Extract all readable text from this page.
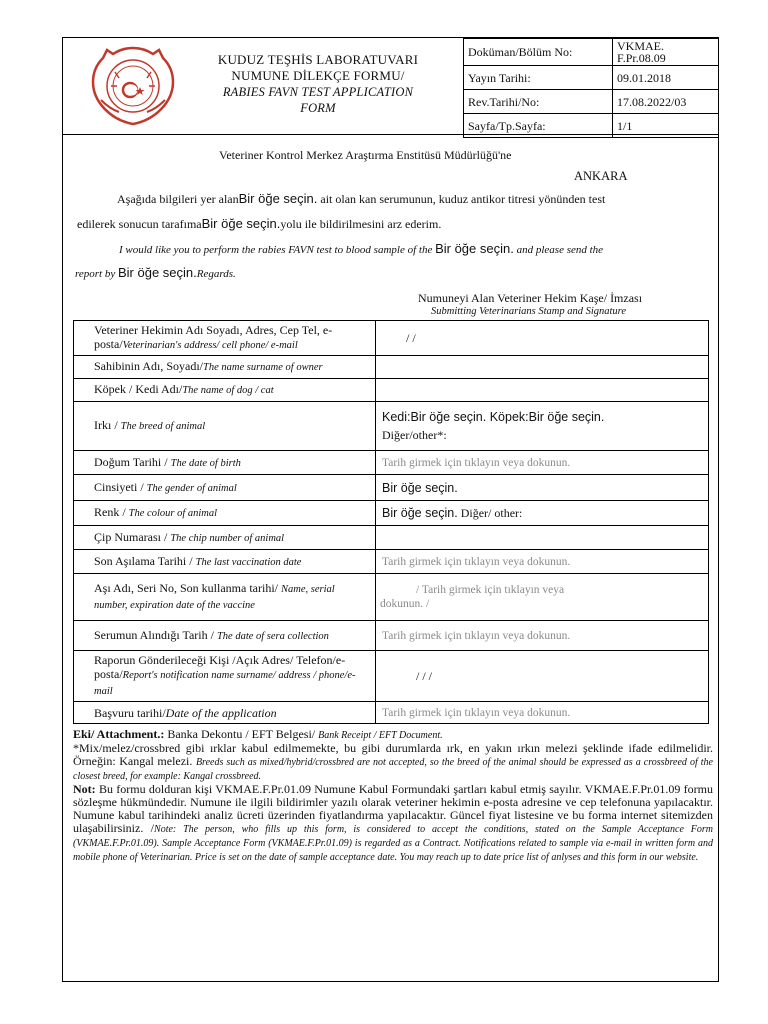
KUDUZ TEŞHİS LABORATUVARI
NUMUNE DİLEKÇE FORMU/
RABIES FAVN TEST APPLICATION
FORM
Doküman/Bölüm No:	VKMAE. F.Pr.08.09
Yayın Tarihi:	09.01.2018
Rev.Tarihi/No:	17.08.2022/03
Sayfa/Tp.Sayfa:	1/1
Veteriner Kontrol Merkez Araştırma Enstitüsü Müdürlüğü'ne
ANKARA
Aşağıda bilgileri yer alanBir öğe seçin. ait olan kan serumunun, kuduz antikor titresi yönünden test
edilerek sonucun tarafımaBir öğe seçin.yolu ile bildirilmesini arz ederim.
I would like you to perform the rabies FAVN test to blood sample of the Bir öğe seçin. and please send the
report by Bir öğe seçin.Regards.
Numuneyi Alan Veteriner Hekim Kaşe/ İmzası
Submitting Veterinarians Stamp and Signature
Veteriner Hekimin Adı Soyadı, Adres, Cep Tel, e-posta/Veterinarian's address/ cell phone/ e-mail	/ /
Sahibinin Adı, Soyadı/The name surname of owner	
Köpek / Kedi Adı/The name of dog / cat	
Irkı / The breed of animal	Kedi:Bir öğe seçin. Köpek:Bir öğe seçin.
Diğer/other*:

Doğum Tarihi / The date of birth	Tarih girmek için tıklayın veya dokunun.
Cinsiyeti / The gender of animal	Bir öğe seçin.
Renk / The colour of animal	Bir öğe seçin. Diğer/ other:
Çip Numarası / The chip number of animal	
Son Aşılama Tarihi / The last vaccination date	Tarih girmek için tıklayın veya dokunun.
Aşı Adı, Seri No, Son kullanma tarihi/ Name, serial number, expiration date of the vaccine	/ Tarih girmek için tıklayın veya
dokunun. /

Serumun Alındığı Tarih / The date of sera collection	Tarih girmek için tıklayın veya dokunun.
Raporun Gönderileceği Kişi /Açık Adres/ Telefon/e-posta/Report's notification name surname/ address / phone/e-mail	/ / /
Başvuru tarihi/Date of the application	Tarih girmek için tıklayın veya dokunun.
Eki/ Attachment.: Banka Dekontu / EFT Belgesi/ Bank Receipt / EFT Document.
*Mix/melez/crossbred gibi ırklar kabul edilmemekte, bu gibi durumlarda ırk, en yakın ırkın melezi şeklinde ifade edilmelidir. Örneğin: Kangal melezi. Breeds such as mixed/hybrid/crossbred are not accepted, so the breed of the animal should be expressed as a crossbreed of the closest breed, for example: Kangal crossbreed.
Not: Bu formu dolduran kişi VKMAE.F.Pr.01.09 Numune Kabul Formundaki şartları kabul etmiş sayılır. VKMAE.F.Pr.01.09 formu sözleşme hükmündedir. Numune ile ilgili bildirimler yazılı olarak veteriner hekimin e-posta adresine ve cep telefonuna yapılacaktır. Numune kabul tarihindeki analiz ücreti üzerinden fiyatlandırma yapılacaktır. Güncel fiyat listesine ve bu forma internet sitemizden ulaşabilirsiniz. /Note: The person, who fills up this form, is considered to accept the conditions, stated on the Sample Acceptance Form (VKMAE.F.Pr.01.09). Sample Acceptance Form (VKMAE.F.Pr.01.09) is regarded as a Contract. Notifications related to sample via e-mail in written form and mobile phone of Veterinarian. Price is set on the date of sample acceptance date. You may reach up to date price list of anlyses and this form in our website.
